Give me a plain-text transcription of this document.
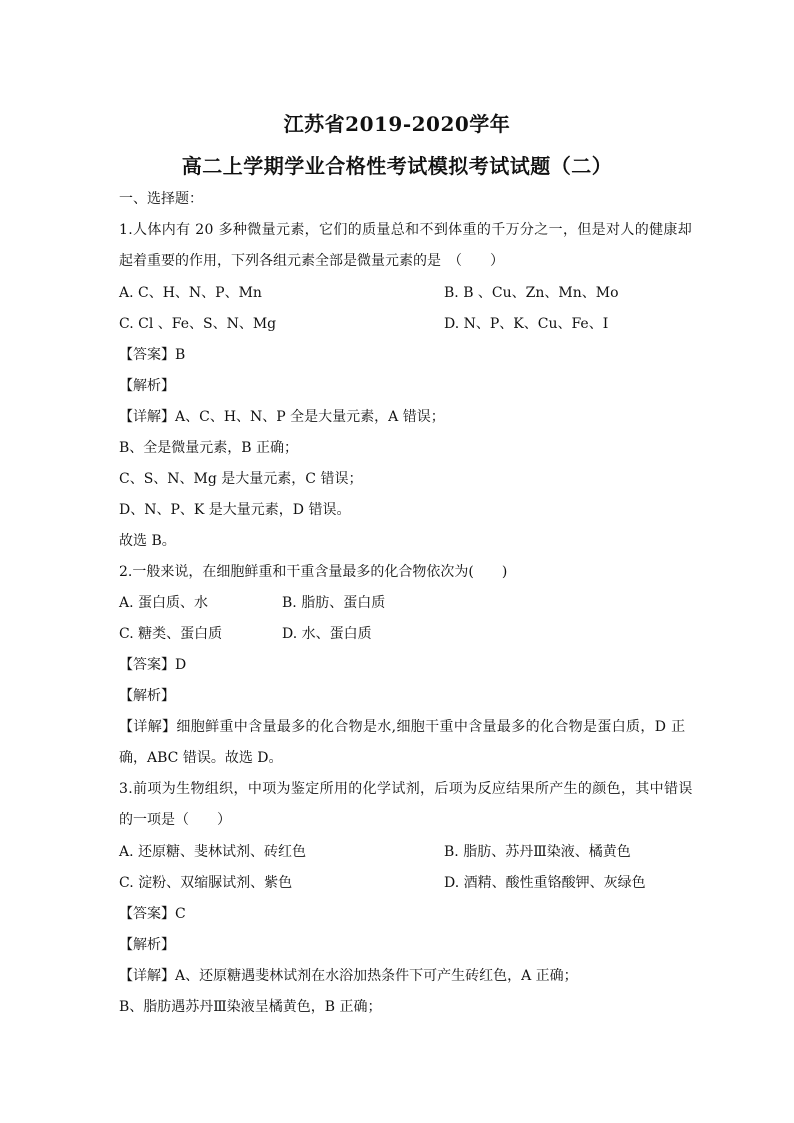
江苏省2019-2020学年
高二上学期学业合格性考试模拟考试试题（二）
一、选择题：
1.人体内有 20 多种微量元素，它们的质量总和不到体重的千万分之一，但是对人的健康却
起着重要的作用，下列各组元素全部是微量元素的是　（　　）
A. C、H、N、P、Mn	B. B 、Cu、Zn、Mn、Mo
C. Cl 、Fe、S、N、Mg	D. N、P、K、Cu、Fe、I
【答案】B
【解析】
【详解】A、C、H、N、P 全是大量元素，A 错误；
B、全是微量元素，B 正确；
C、S、N、Mg 是大量元素，C 错误；
D、N、P、K 是大量元素，D 错误。
故选 B。
2.一般来说，在细胞鲜重和干重含量最多的化合物依次为(　　)
A. 蛋白质、水	B. 脂肪、蛋白质
C. 糖类、蛋白质	D. 水、蛋白质
【答案】D
【解析】
【详解】细胞鲜重中含量最多的化合物是水,细胞干重中含量最多的化合物是蛋白质，D 正
确，ABC 错误。故选 D。
3.前项为生物组织，中项为鉴定所用的化学试剂，后项为反应结果所产生的颜色，其中错误
的一项是（　　）
A. 还原糖、斐林试剂、砖红色	B. 脂肪、苏丹Ⅲ染液、橘黄色
C. 淀粉、双缩脲试剂、紫色	D. 酒精、酸性重铬酸钾、灰绿色
【答案】C
【解析】
【详解】A、还原糖遇斐林试剂在水浴加热条件下可产生砖红色，A 正确；
B、脂肪遇苏丹Ⅲ染液呈橘黄色，B 正确；
